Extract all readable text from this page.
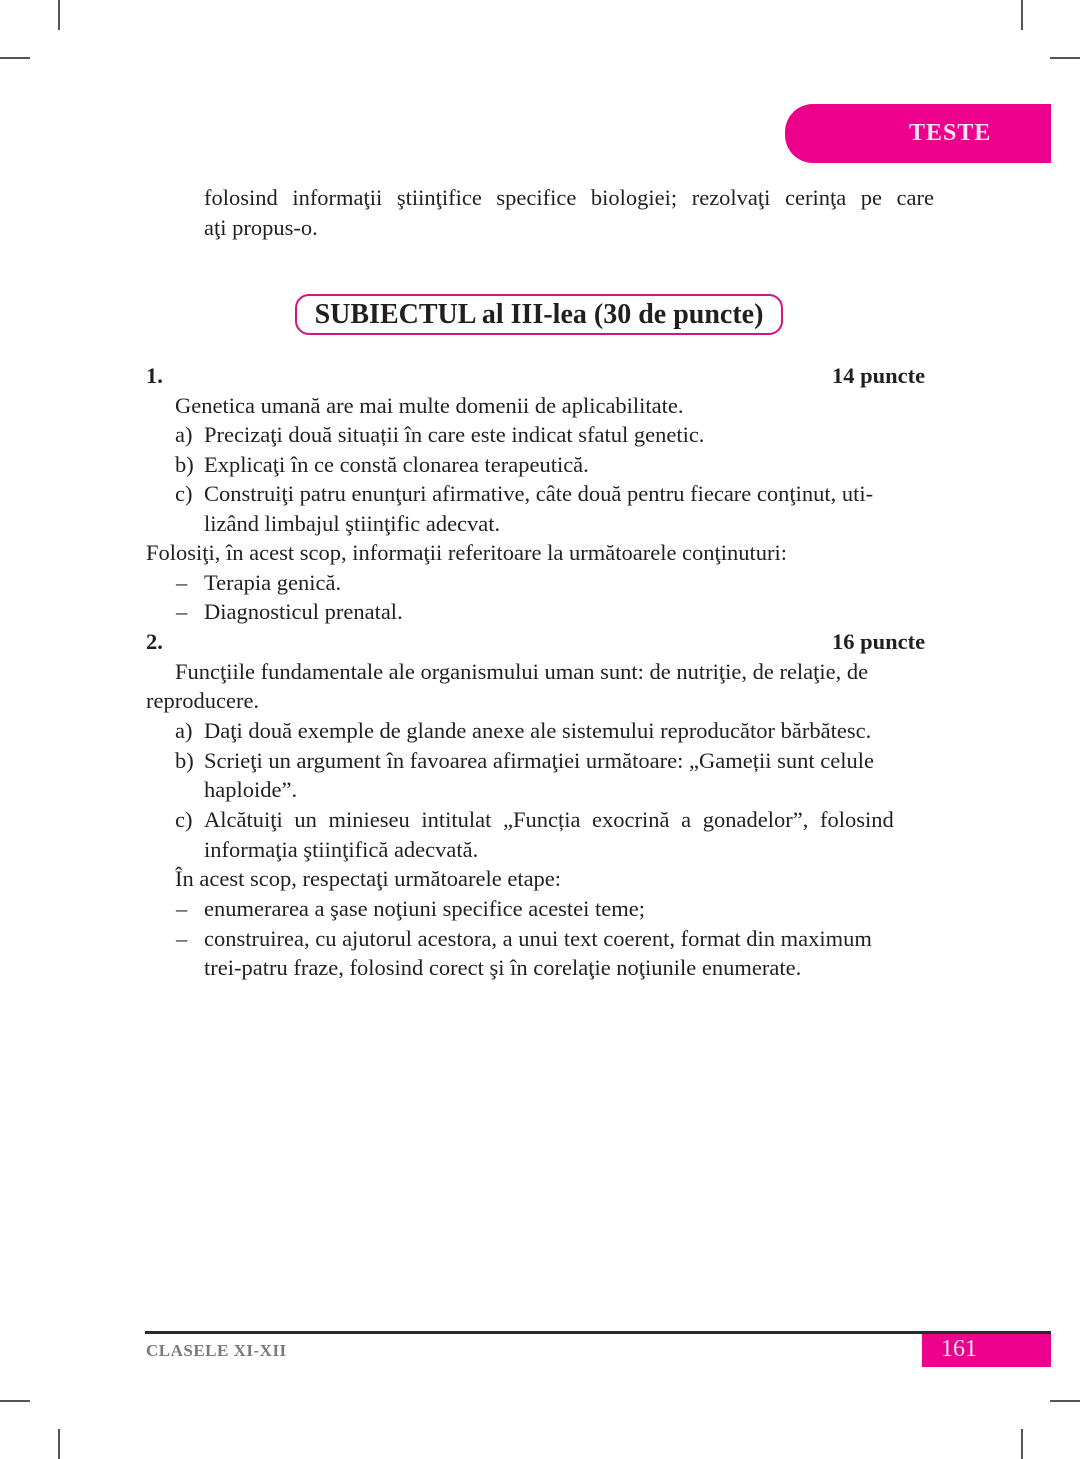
TESTE
folosind informaţii ştiinţifice specifice biologiei; rezolvaţi cerinţa pe care
aţi propus-o.
SUBIECTUL al III-lea (30 de puncte)
1.	14 puncte
Genetica umană are mai multe domenii de aplicabilitate.
a) Precizaţi două situații în care este indicat sfatul genetic.
b) Explicaţi în ce constă clonarea terapeutică.
c) Construiţi patru enunţuri afirmative, câte două pentru fiecare conţinut, uti-
lizând limbajul ştiinţific adecvat.
Folosiţi, în acest scop, informaţii referitoare la următoarele conţinuturi:
– Terapia genică.
– Diagnosticul prenatal.
2.	16 puncte
Funcţiile fundamentale ale organismului uman sunt: de nutriţie, de relaţie, de
reproducere.
a) Daţi două exemple de glande anexe ale sistemului reproducător bărbătesc.
b) Scrieţi un argument în favoarea afirmaţiei următoare: „Gameții sunt celule
haploide”.
c) Alcătuiţi un minieseu intitulat „Funcția exocrină a gonadelor”, folosind
informaţia ştiinţifică adecvată.
În acest scop, respectaţi următoarele etape:
– enumerarea a şase noţiuni specifice acestei teme;
– construirea, cu ajutorul acestora, a unui text coerent, format din maximum
trei-patru fraze, folosind corect şi în corelaţie noţiunile enumerate.
CLASELE XI-XII	161
